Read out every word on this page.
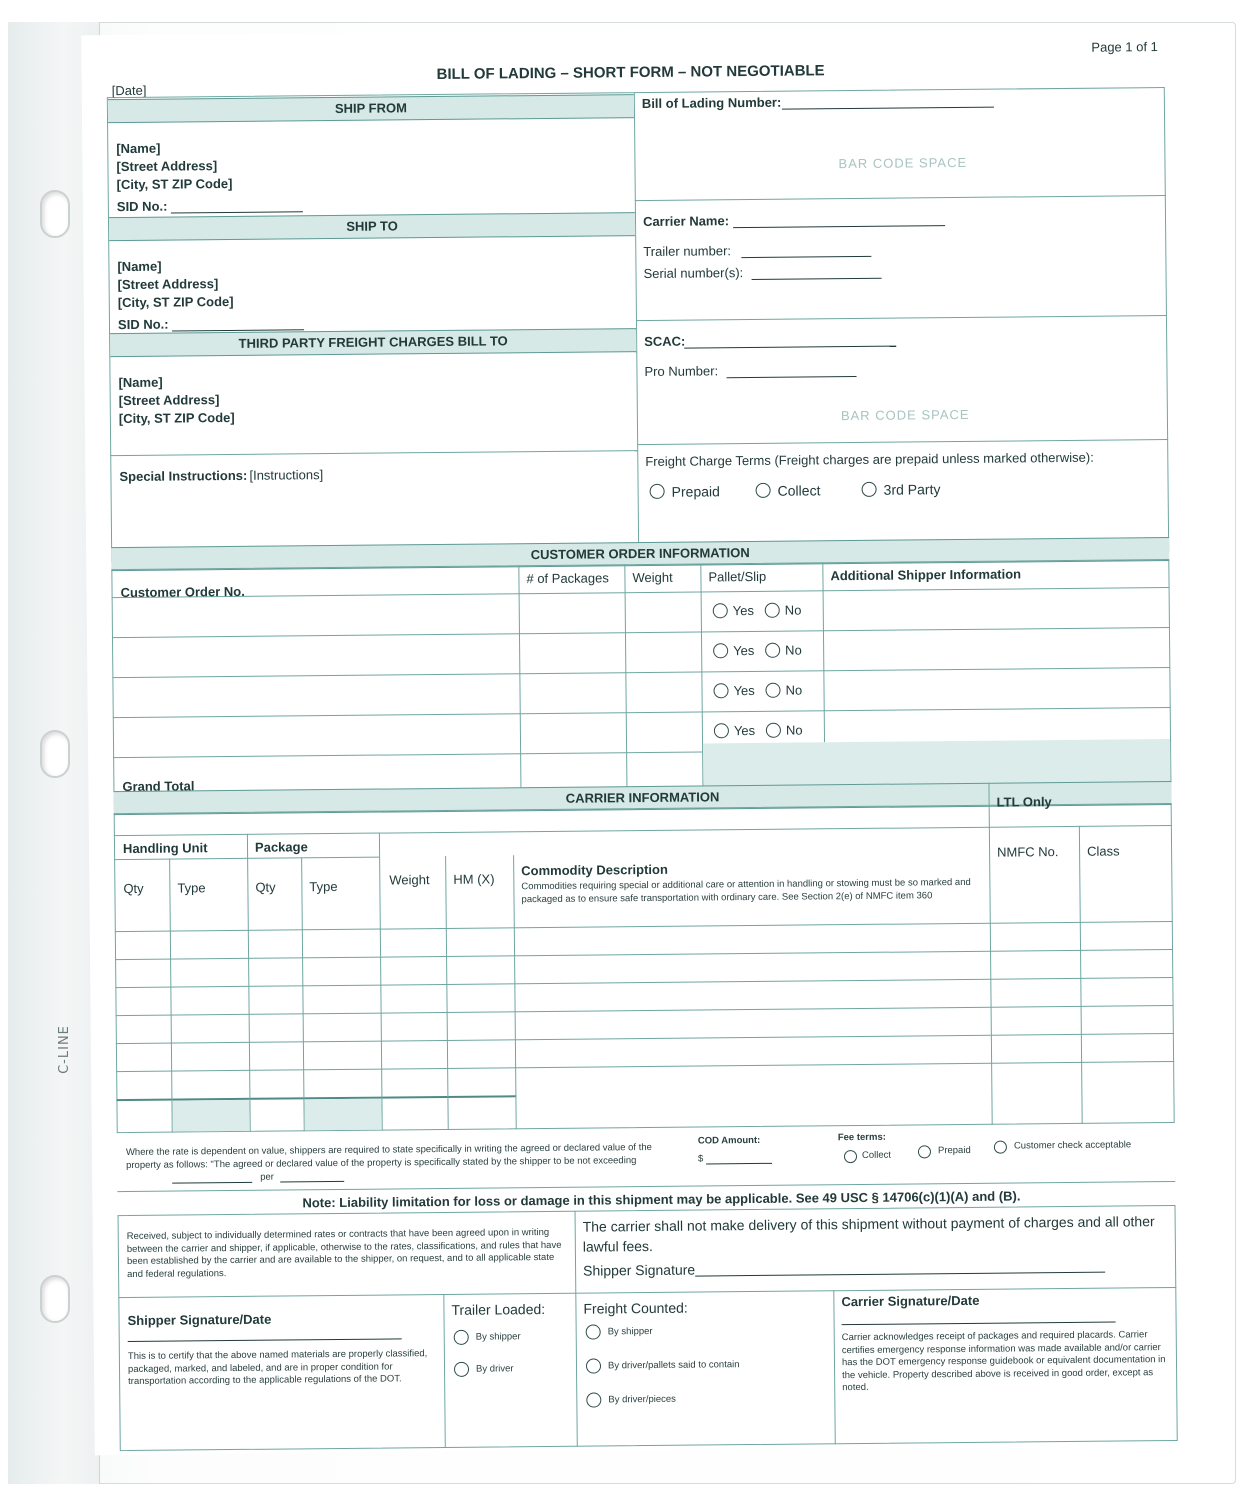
C-LINE
Page 1 of 1
[Date]
BILL OF LADING – SHORT FORM – NOT NEGOTIABLE
SHIP FROM
[Name]
[Street Address]
[City, ST ZIP Code]
SID No.:
SHIP TO
[Name]
[Street Address]
[City, ST ZIP Code]
SID No.:
THIRD PARTY FREIGHT CHARGES BILL TO
[Name]
[Street Address]
[City, ST ZIP Code]
Special Instructions: [Instructions]
Bill of Lading Number:
BAR CODE SPACE
Carrier Name:
Trailer number:
Serial number(s):
SCAC:
Pro Number:
BAR CODE SPACE
Freight Charge Terms (Freight charges are prepaid unless marked otherwise):
Prepaid	Collect	3rd Party
CUSTOMER ORDER INFORMATION
Customer Order No.
# of Packages Weight	Pallet/Slip	Additional Shipper Information
Yes No
Yes No
Yes No
Yes No
Grand Total
CARRIER INFORMATION	LTL Only
Handling Unit	Package
Qty	Type	Qty	Type	Weight HM (X)
Commodity Description
Commodities requiring special or additional care or attention in handling or stowing must be so marked and packaged as to ensure safe transportation with ordinary care. See Section 2(e) of NMFC item 360
NMFC No. Class
Where the rate is dependent on value, shippers are required to state specifically in writing the agreed or declared value of the property as follows: "The agreed or declared value of the property is specifically stated by the shipper to be not exceeding
per
COD Amount:
$
Fee terms:
Collect	Prepaid	Customer check acceptable
Note: Liability limitation for loss or damage in this shipment may be applicable. See 49 USC § 14706(c)(1)(A) and (B).
Received, subject to individually determined rates or contracts that have been agreed upon in writing between the carrier and shipper, if applicable, otherwise to the rates, classifications, and rules that have been established by the carrier and are available to the shipper, on request, and to all applicable state and federal regulations.
The carrier shall not make delivery of this shipment without payment of charges and all other lawful fees.
Shipper Signature
Shipper Signature/Date
This is to certify that the above named materials are properly classified, packaged, marked, and labeled, and are in proper condition for transportation according to the applicable regulations of the DOT.
Trailer Loaded:
By shipper
By driver
Freight Counted:
By shipper
By driver/pallets said to contain
By driver/pieces
Carrier Signature/Date
Carrier acknowledges receipt of packages and required placards. Carrier certifies emergency response information was made available and/or carrier has the DOT emergency response guidebook or equivalent documentation in the vehicle. Property described above is received in good order, except as noted.
